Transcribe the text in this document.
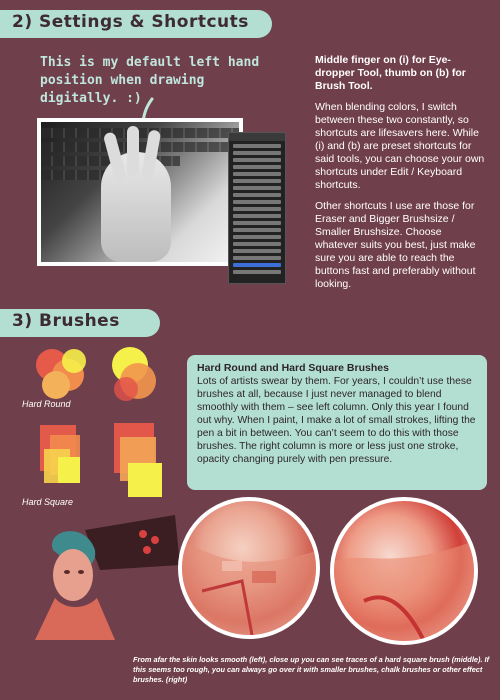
2) Settings & Shortcuts
This is my default left hand position when drawing digitally. :)

Middle finger on (i) for Eye-dropper Tool, thumb on (b) for Brush Tool.

When blending colors, I switch between these two constantly, so shortcuts are lifesavers here. While (i) and (b) are preset shortcuts for said tools, you can choose your own shortcuts under Edit / Keyboard shortcuts.

Other shortcuts I use are those for Eraser and Bigger Brushsize / Smaller Brushsize. Choose whatever suits you best, just make sure you are able to reach the buttons fast and preferably without looking.

3) Brushes
Hard Round
Hard Square
Hard Round and Hard Square Brushes
Lots of artists swear by them. For years, I couldn’t use these brushes at all, because I just never managed to blend smoothly with them – see left column. Only this year I found out why. When I paint, I make a lot of small strokes, lifting the pen a bit in between. You can’t seem to do this with those brushes. The right column is more or less just one stroke, opacity changing purely with pen pressure.
From afar the skin looks smooth (left), close up you can see traces of a hard square brush (middle). If this seems too rough, you can always go over it with smaller brushes, chalk brushes or other effect brushes. (right)
